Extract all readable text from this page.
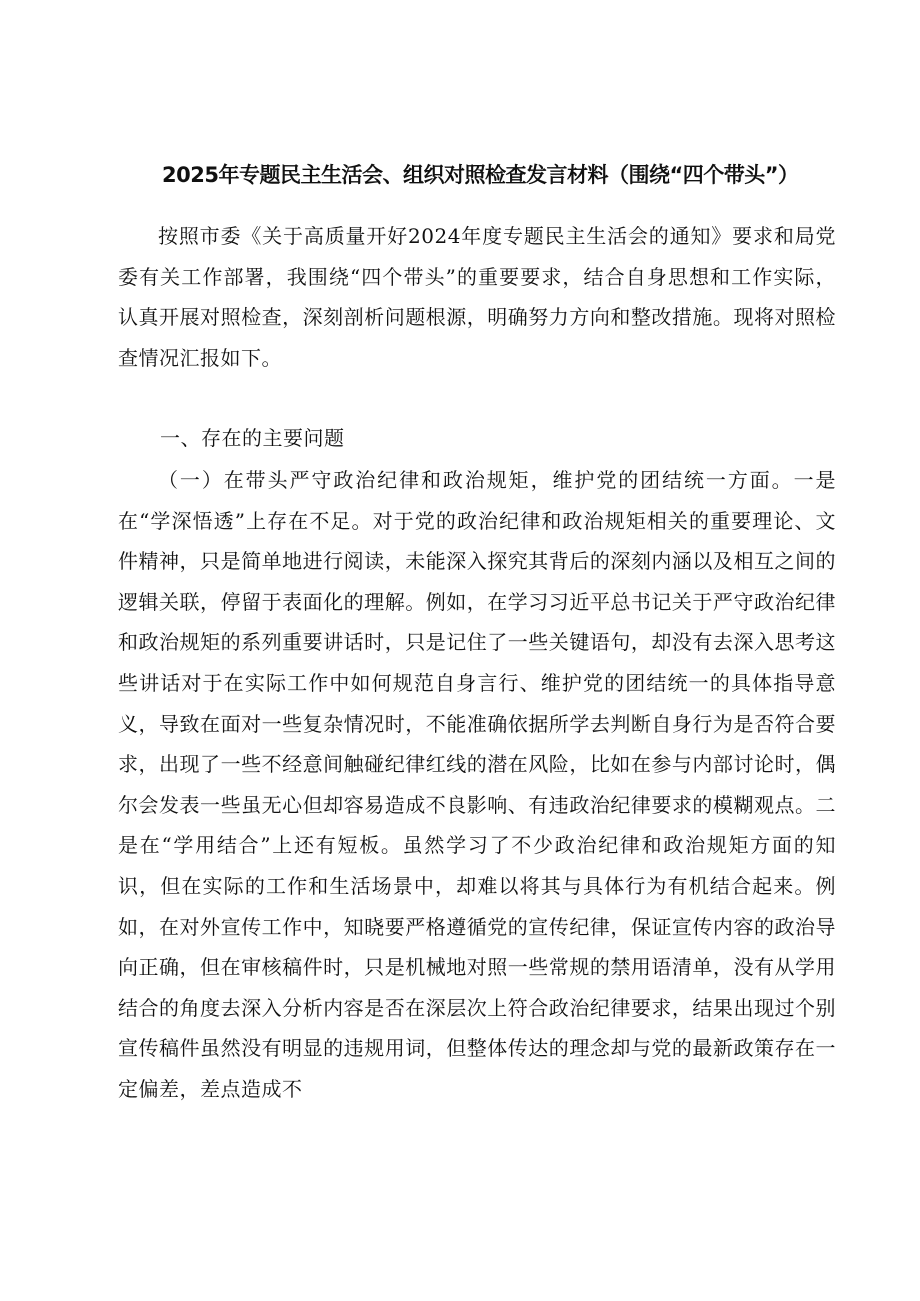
2025年专题民主生活会、组织对照检查发言材料（围绕“四个带头”）

按照市委《关于高质量开好2024年度专题民主生活会的通知》要求和局党委有关工作部署，我围绕“四个带头”的重要要求，结合自身思想和工作实际，认真开展对照检查，深刻剖析问题根源，明确努力方向和整改措施。现将对照检查情况汇报如下。

一、存在的主要问题

（一）在带头严守政治纪律和政治规矩，维护党的团结统一方面。一是在“学深悟透”上存在不足。对于党的政治纪律和政治规矩相关的重要理论、文件精神，只是简单地进行阅读，未能深入探究其背后的深刻内涵以及相互之间的逻辑关联，停留于表面化的理解。例如，在学习习近平总书记关于严守政治纪律和政治规矩的系列重要讲话时，只是记住了一些关键语句，却没有去深入思考这些讲话对于在实际工作中如何规范自身言行、维护党的团结统一的具体指导意义，导致在面对一些复杂情况时，不能准确依据所学去判断自身行为是否符合要求，出现了一些不经意间触碰纪律红线的潜在风险，比如在参与内部讨论时，偶尔会发表一些虽无心但却容易造成不良影响、有违政治纪律要求的模糊观点。二是在“学用结合”上还有短板。虽然学习了不少政治纪律和政治规矩方面的知识，但在实际的工作和生活场景中，却难以将其与具体行为有机结合起来。例如，在对外宣传工作中，知晓要严格遵循党的宣传纪律，保证宣传内容的政治导向正确，但在审核稿件时，只是机械地对照一些常规的禁用语清单，没有从学用结合的角度去深入分析内容是否在深层次上符合政治纪律要求，结果出现过个别宣传稿件虽然没有明显的违规用词，但整体传达的理念却与党的最新政策存在一定偏差，差点造成不
